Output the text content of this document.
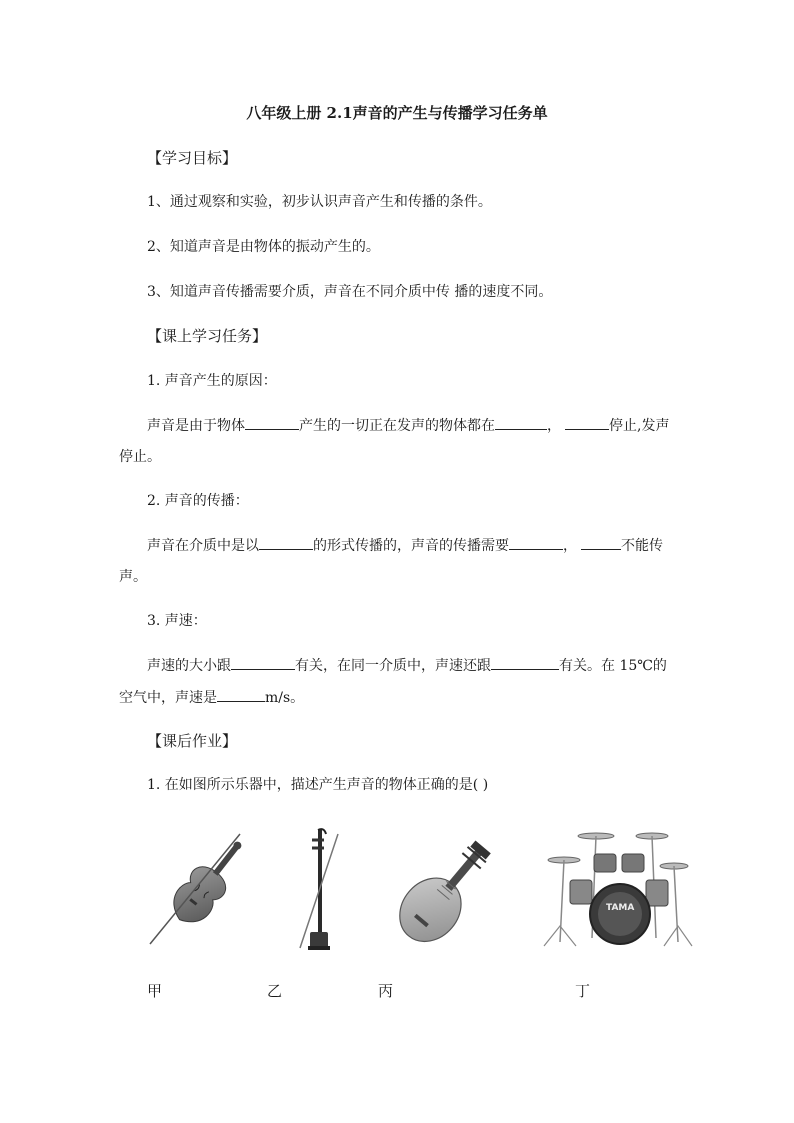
八年级上册 2.1声音的产生与传播学习任务单
【学习目标】
1、通过观察和实验，初步认识声音产生和传播的条件。
2、知道声音是由物体的振动产生的。
3、知道声音传播需要介质，声音在不同介质中传 播的速度不同。
【课上学习任务】
1. 声音产生的原因：
声音是由于物体	产生的一切正在发声的物体都在	，	停止,发声
停止。
2. 声音的传播：
声音在介质中是以	的形式传播的，声音的传播需要	，	不能传
声。
3. 声速：
声速的大小跟	有关，在同一介质中，声速还跟	有关。在 15℃的
空气中，声速是	m/s。
【课后作业】
1. 在如图所示乐器中，描述产生声音的物体正确的是( )
TAMA
甲	乙	丙	丁
